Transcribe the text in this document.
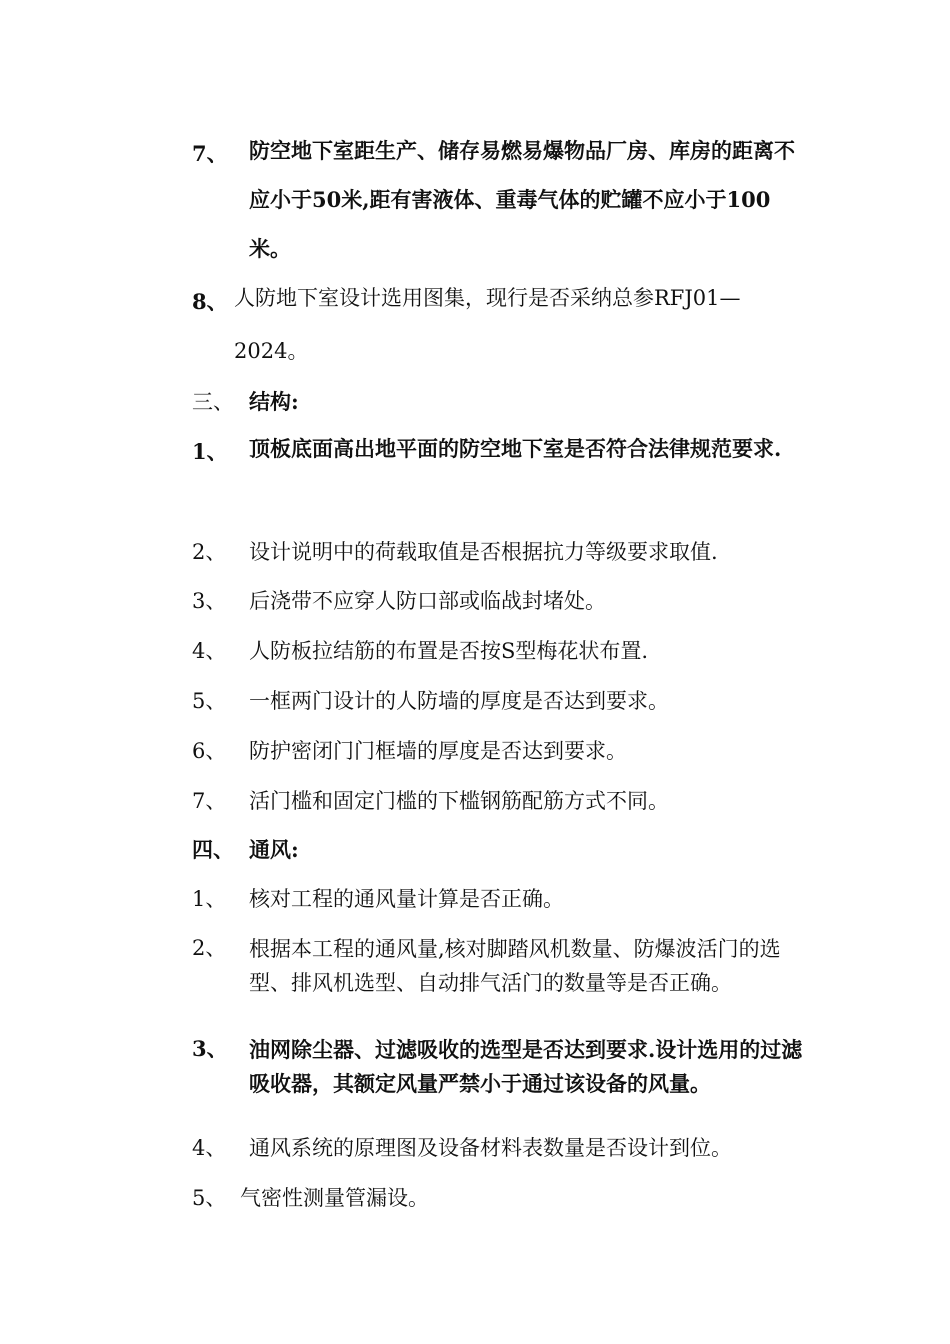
7、 防空地下室距生产、储存易燃易爆物品厂房、库房的距离不应小于50米,距有害液体、重毒气体的贮罐不应小于100米。
8、 人防地下室设计选用图集，现行是否采纳总参RFJ01—2024。
三、 结构:
1、 顶板底面高出地平面的防空地下室是否符合法律规范要求.
2、 设计说明中的荷载取值是否根据抗力等级要求取值.
3、 后浇带不应穿人防口部或临战封堵处。
4、 人防板拉结筋的布置是否按S型梅花状布置.
5、 一框两门设计的人防墙的厚度是否达到要求。
6、 防护密闭门门框墙的厚度是否达到要求。
7、 活门槛和固定门槛的下槛钢筋配筋方式不同。
四、 通风:
1、 核对工程的通风量计算是否正确。
2、 根据本工程的通风量,核对脚踏风机数量、防爆波活门的选型、排风机选型、自动排气活门的数量等是否正确。
3、 油网除尘器、过滤吸收的选型是否达到要求.设计选用的过滤吸收器，其额定风量严禁小于通过该设备的风量。
4、 通风系统的原理图及设备材料表数量是否设计到位。
5、 气密性测量管漏设。
